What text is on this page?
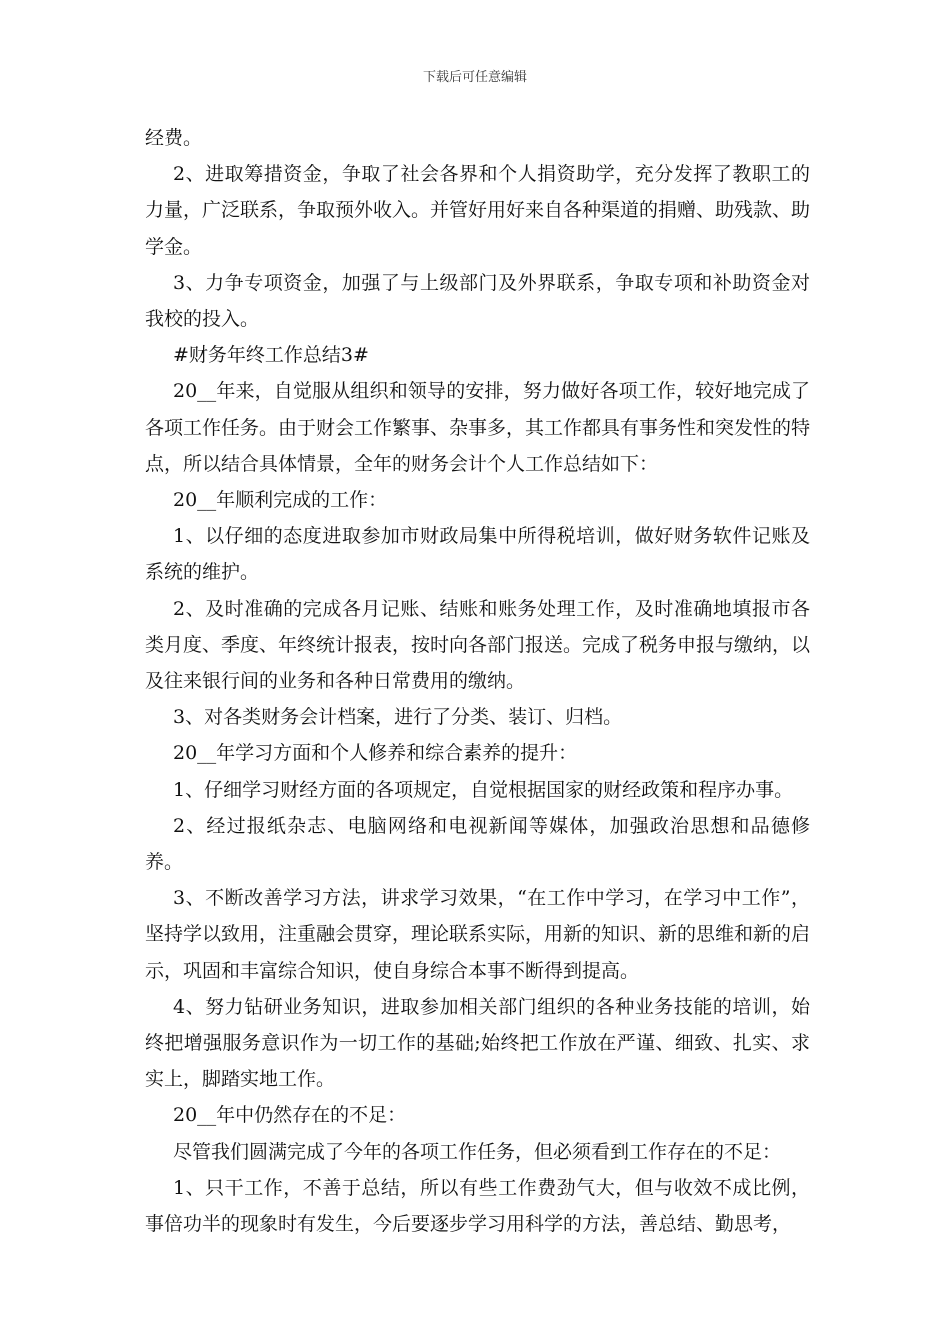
下载后可任意编辑

经费。

2、进取筹措资金，争取了社会各界和个人捐资助学，充分发挥了教职工的力量，广泛联系，争取预外收入。并管好用好来自各种渠道的捐赠、助残款、助学金。

3、力争专项资金，加强了与上级部门及外界联系，争取专项和补助资金对我校的投入。

#财务年终工作总结3#

20__年来，自觉服从组织和领导的安排，努力做好各项工作，较好地完成了各项工作任务。由于财会工作繁事、杂事多，其工作都具有事务性和突发性的特点，所以结合具体情景，全年的财务会计个人工作总结如下：

20__年顺利完成的工作：

1、以仔细的态度进取参加市财政局集中所得税培训，做好财务软件记账及系统的维护。

2、及时准确的完成各月记账、结账和账务处理工作，及时准确地填报市各类月度、季度、年终统计报表，按时向各部门报送。完成了税务申报与缴纳，以及往来银行间的业务和各种日常费用的缴纳。

3、对各类财务会计档案，进行了分类、装订、归档。

20__年学习方面和个人修养和综合素养的提升：

1、仔细学习财经方面的各项规定，自觉根据国家的财经政策和程序办事。

2、经过报纸杂志、电脑网络和电视新闻等媒体，加强政治思想和品德修养。

3、不断改善学习方法，讲求学习效果，“在工作中学习，在学习中工作”，坚持学以致用，注重融会贯穿，理论联系实际，用新的知识、新的思维和新的启示，巩固和丰富综合知识，使自身综合本事不断得到提高。

4、努力钻研业务知识，进取参加相关部门组织的各种业务技能的培训，始终把增强服务意识作为一切工作的基础;始终把工作放在严谨、细致、扎实、求实上，脚踏实地工作。

20__年中仍然存在的不足：

尽管我们圆满完成了今年的各项工作任务，但必须看到工作存在的不足：

1、只干工作，不善于总结，所以有些工作费劲气大，但与收效不成比例，事倍功半的现象时有发生，今后要逐步学习用科学的方法，善总结、勤思考，
